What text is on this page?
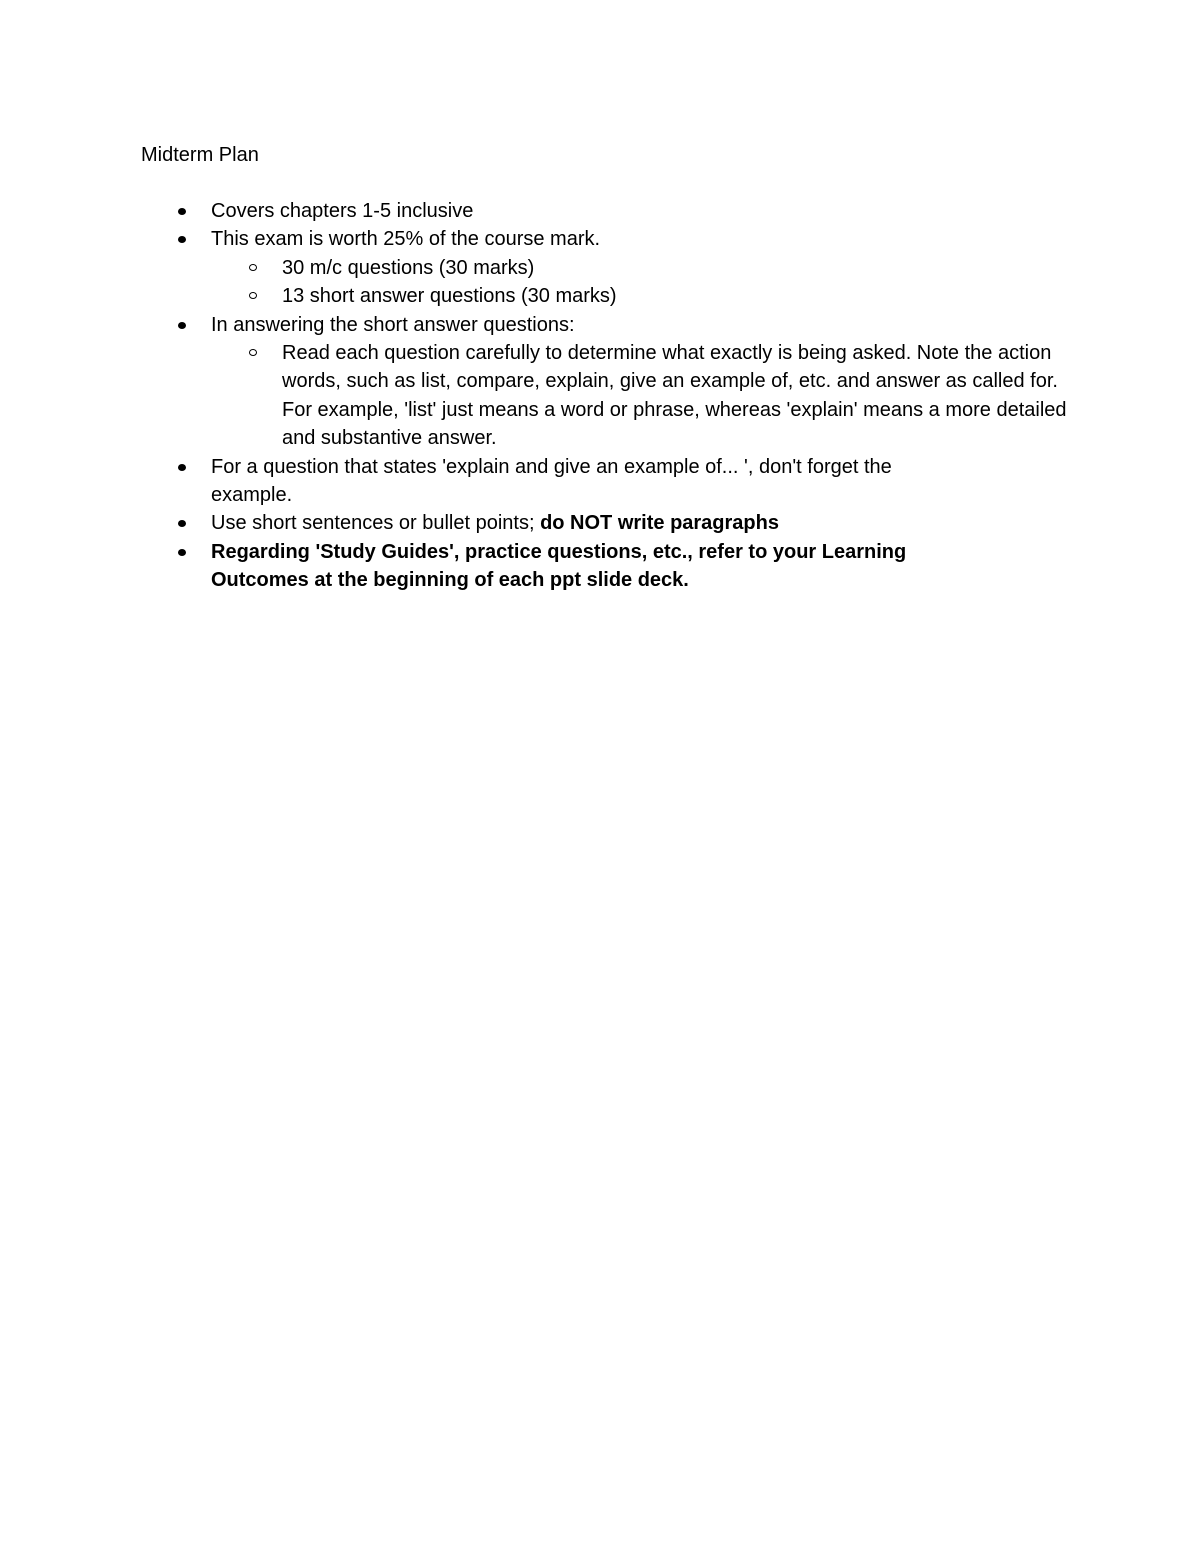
Midterm Plan
Covers chapters 1-5 inclusive
This exam is worth 25% of the course mark.
30 m/c questions (30 marks)
13 short answer questions (30 marks)
In answering the short answer questions:
Read each question carefully to determine what exactly is being asked. Note the action words, such as list, compare, explain, give an example of, etc. and answer as called for. For example, 'list' just means a word or phrase, whereas 'explain' means a more detailed and substantive answer.
For a question that states 'explain and give an example of... ', don't forget the example.
Use short sentences or bullet points; do NOT write paragraphs
Regarding 'Study Guides', practice questions, etc., refer to your Learning Outcomes at the beginning of each ppt slide deck.
